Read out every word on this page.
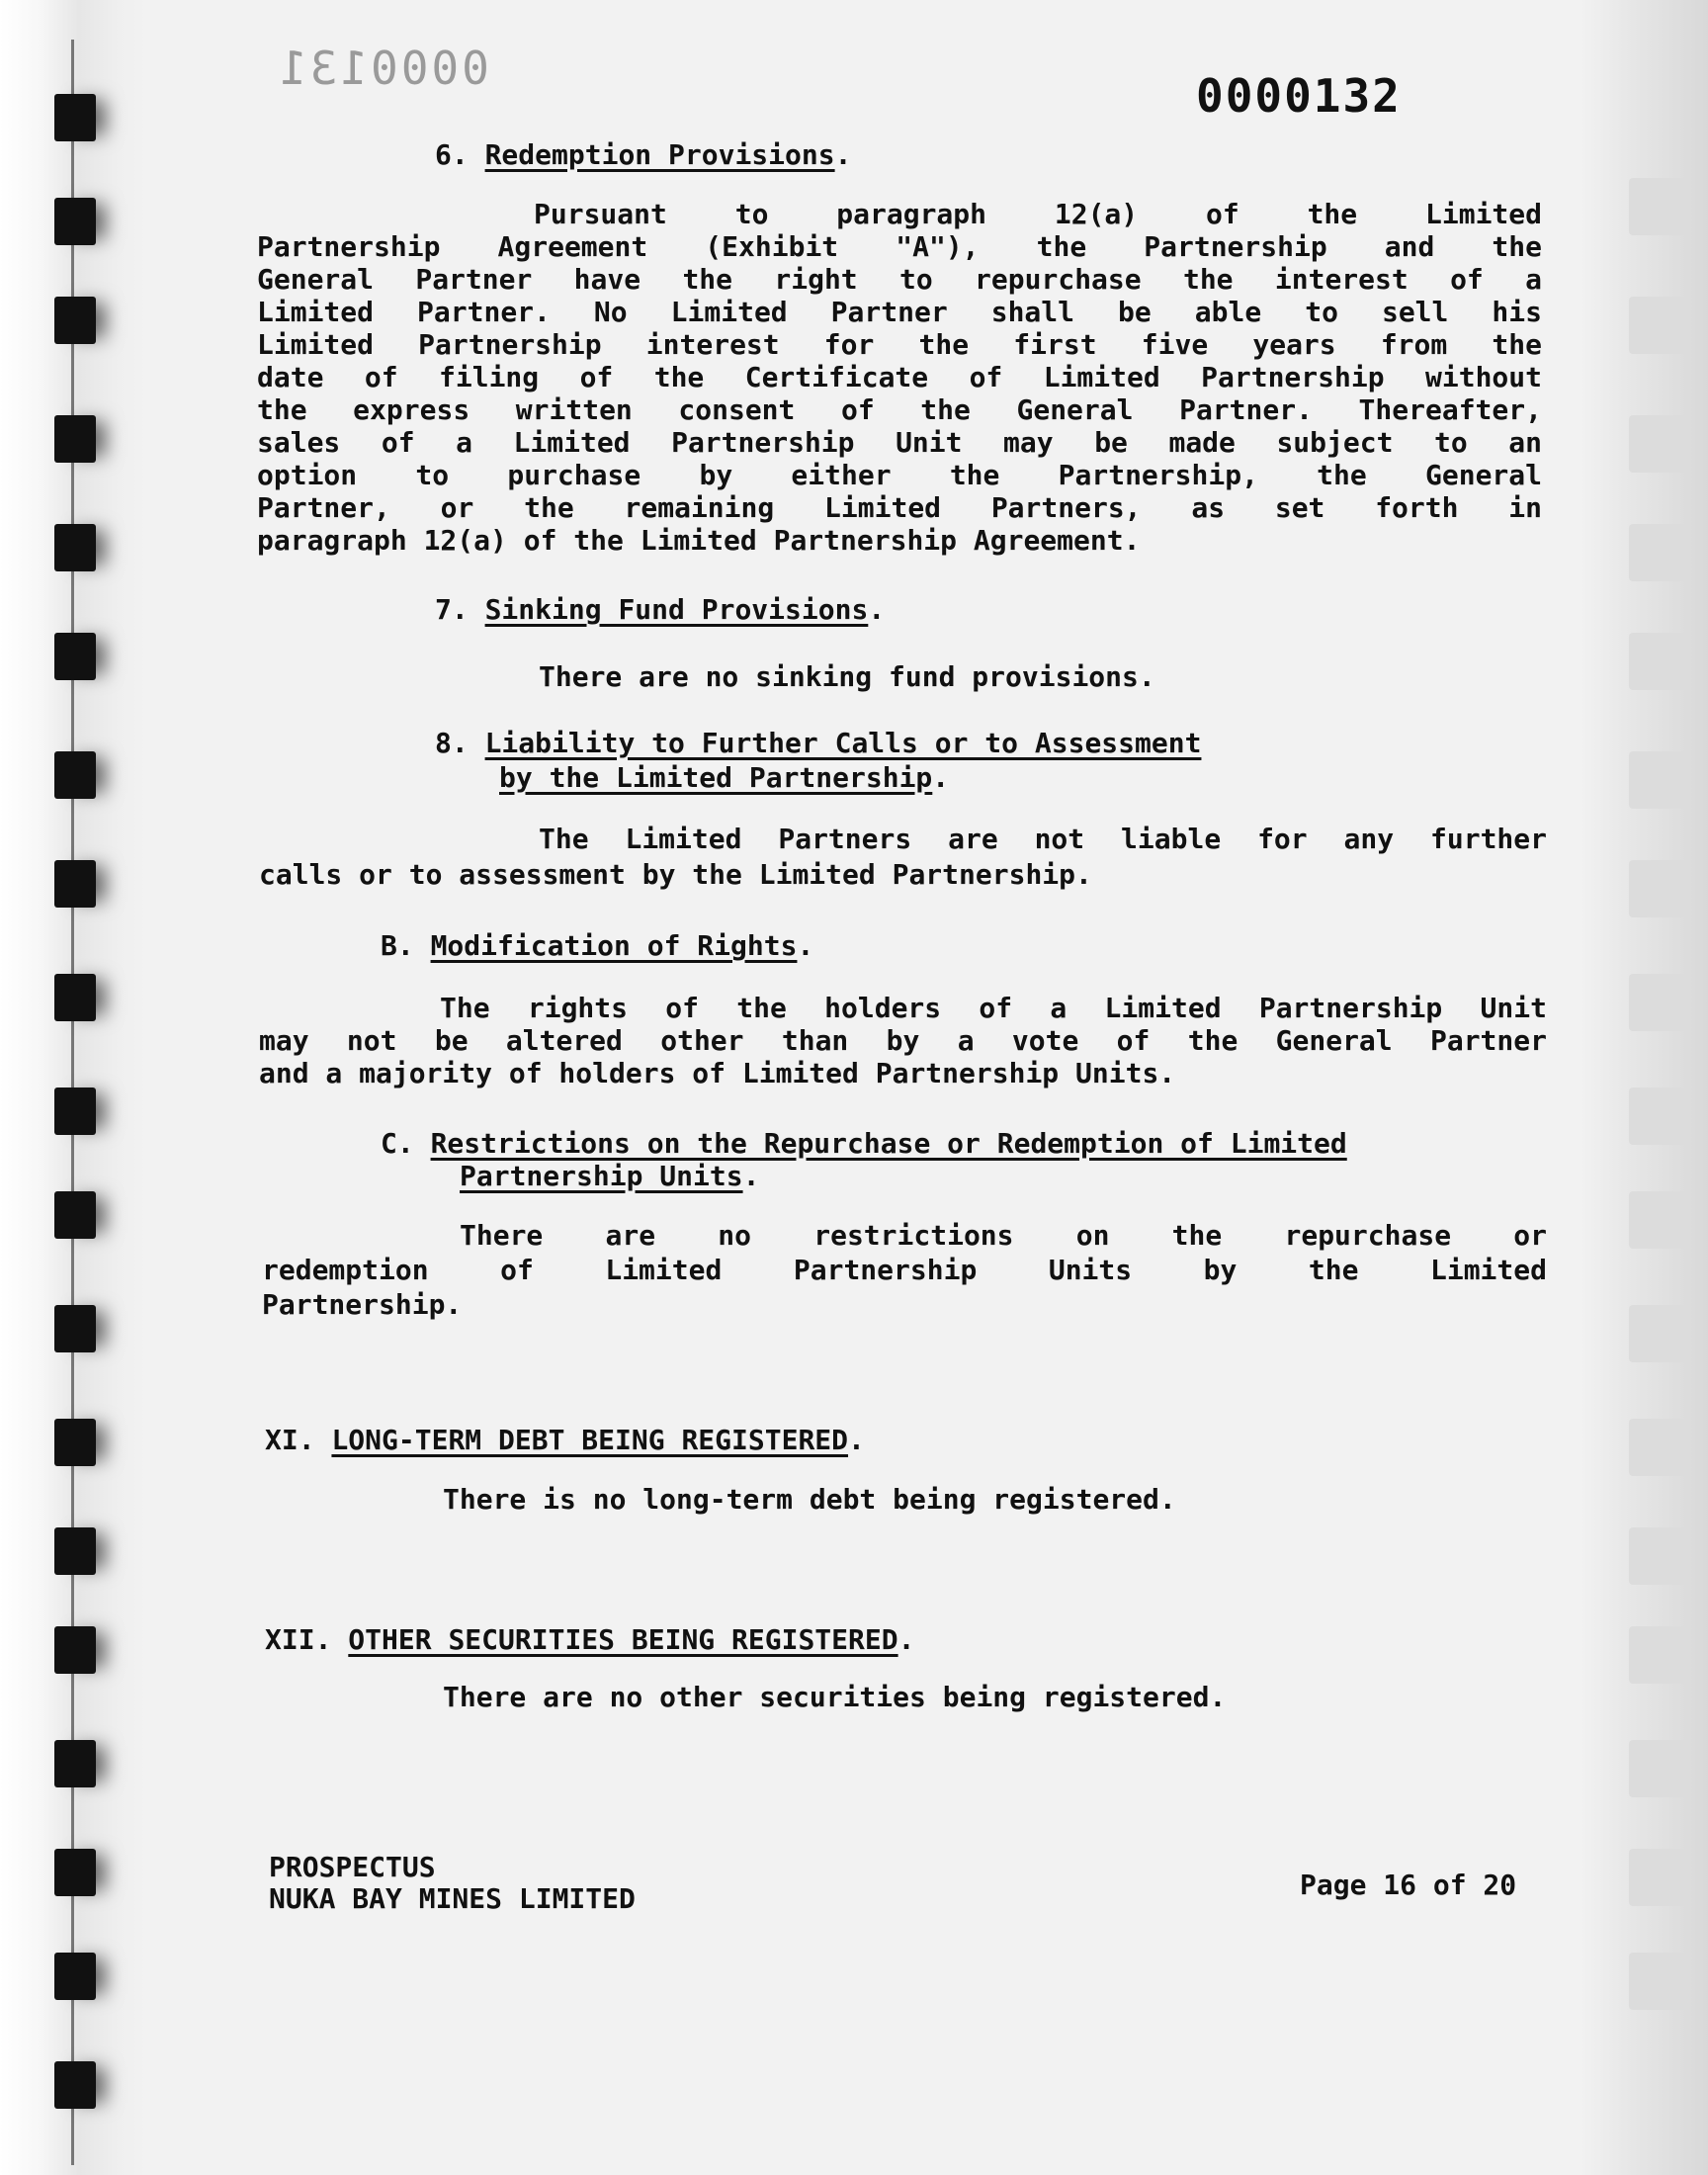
0000131
0000132
6. Redemption Provisions.
Pursuant to paragraph 12(a) of the Limited
Partnership Agreement (Exhibit "A"), the Partnership and the
General Partner have the right to repurchase the interest of a
Limited Partner. No Limited Partner shall be able to sell his
Limited Partnership interest for the first five years from the
date of filing of the Certificate of Limited Partnership without
the express written consent of the General Partner. Thereafter,
sales of a Limited Partnership Unit may be made subject to an
option to purchase by either the Partnership, the General
Partner, or the remaining Limited Partners, as set forth in
paragraph 12(a) of the Limited Partnership Agreement.
7. Sinking Fund Provisions.
There are no sinking fund provisions.
8. Liability to Further Calls or to Assessment
by the Limited Partnership.
The Limited Partners are not liable for any further
calls or to assessment by the Limited Partnership.
B. Modification of Rights.
The rights of the holders of a Limited Partnership Unit
may not be altered other than by a vote of the General Partner
and a majority of holders of Limited Partnership Units.
C. Restrictions on the Repurchase or Redemption of Limited
Partnership Units.
There are no restrictions on the repurchase or
redemption of Limited Partnership Units by the Limited
Partnership.
XI. LONG-TERM DEBT BEING REGISTERED.
There is no long-term debt being registered.
XII. OTHER SECURITIES BEING REGISTERED.
There are no other securities being registered.
PROSPECTUS
NUKA BAY MINES LIMITED	Page 16 of 20
